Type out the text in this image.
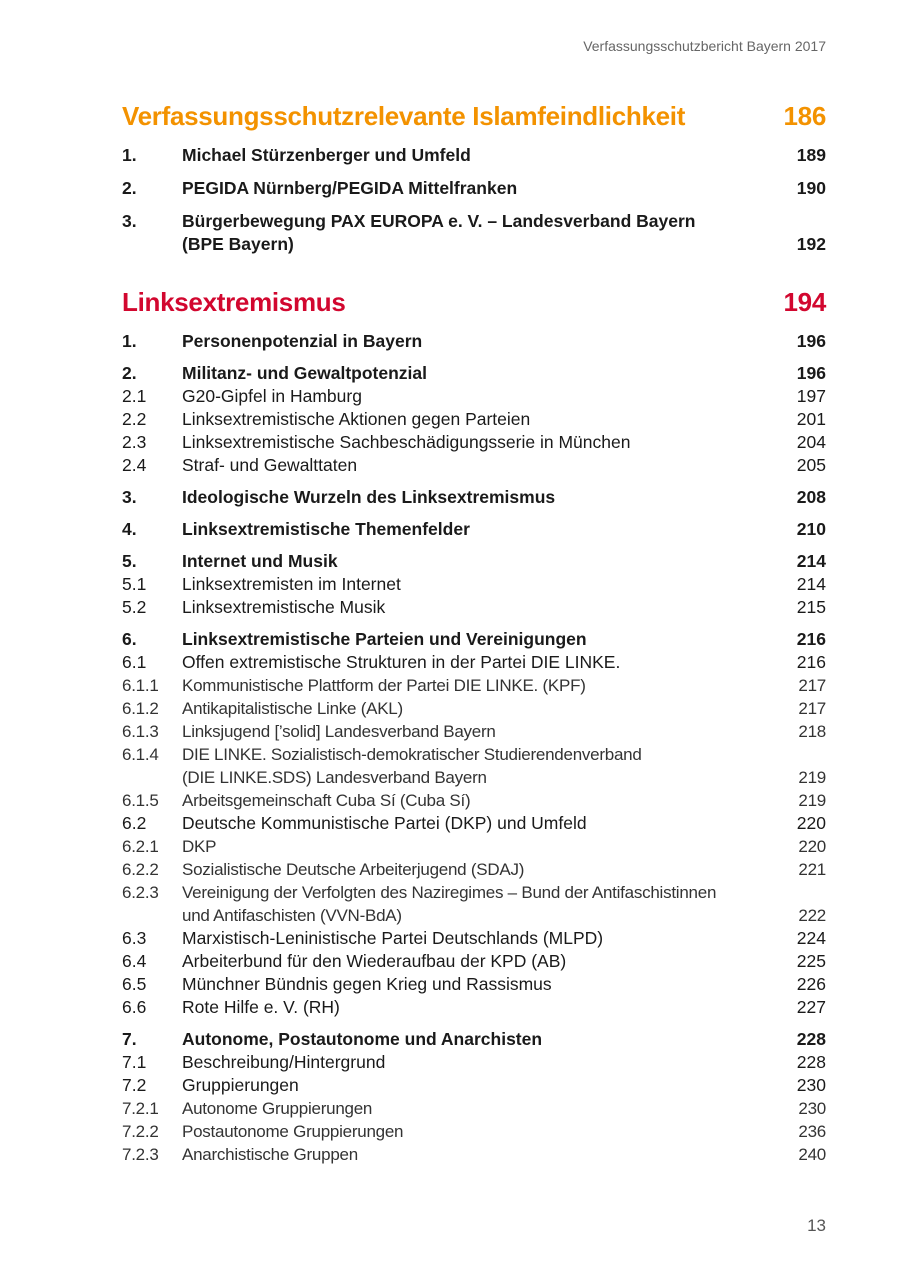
Verfassungsschutzbericht Bayern 2017
Verfassungsschutzrelevante Islamfeindlichkeit	186
1.	Michael Stürzenberger und Umfeld	189
2.	PEGIDA Nürnberg/PEGIDA Mittelfranken	190
3.	Bürgerbewegung PAX EUROPA e. V. – Landesverband Bayern
(BPE Bayern)	192
Linksextremismus	194
1.	Personenpotenzial in Bayern	196
2.	Militanz- und Gewaltpotenzial	196
2.1	G20-Gipfel in Hamburg	197
2.2	Linksextremistische Aktionen gegen Parteien	201
2.3	Linksextremistische Sachbeschädigungsserie in München	204
2.4	Straf- und Gewalttaten	205
3.	Ideologische Wurzeln des Linksextremismus	208
4.	Linksextremistische Themenfelder	210
5.	Internet und Musik	214
5.1	Linksextremisten im Internet	214
5.2	Linksextremistische Musik	215
6.	Linksextremistische Parteien und Vereinigungen	216
6.1	Offen extremistische Strukturen in der Partei DIE LINKE.	216
6.1.1	Kommunistische Plattform der Partei DIE LINKE. (KPF)	217
6.1.2	Antikapitalistische Linke (AKL)	217
6.1.3	Linksjugend [’solid] Landesverband Bayern	218
6.1.4	DIE LINKE. Sozialistisch-demokratischer Studierendenverband
(DIE LINKE.SDS) Landesverband Bayern	219
6.1.5	Arbeitsgemeinschaft Cuba Sí (Cuba Sí)	219
6.2	Deutsche Kommunistische Partei (DKP) und Umfeld	220
6.2.1	DKP	220
6.2.2	Sozialistische Deutsche Arbeiterjugend (SDAJ)	221
6.2.3	Vereinigung der Verfolgten des Naziregimes – Bund der Antifaschistinnen
und Antifaschisten (VVN-BdA)	222
6.3	Marxistisch-Leninistische Partei Deutschlands (MLPD)	224
6.4	Arbeiterbund für den Wiederaufbau der KPD (AB)	225
6.5	Münchner Bündnis gegen Krieg und Rassismus	226
6.6	Rote Hilfe e. V. (RH)	227
7.	Autonome, Postautonome und Anarchisten	228
7.1	Beschreibung/Hintergrund	228
7.2	Gruppierungen	230
7.2.1	Autonome Gruppierungen	230
7.2.2	Postautonome Gruppierungen	236
7.2.3	Anarchistische Gruppen	240
13
